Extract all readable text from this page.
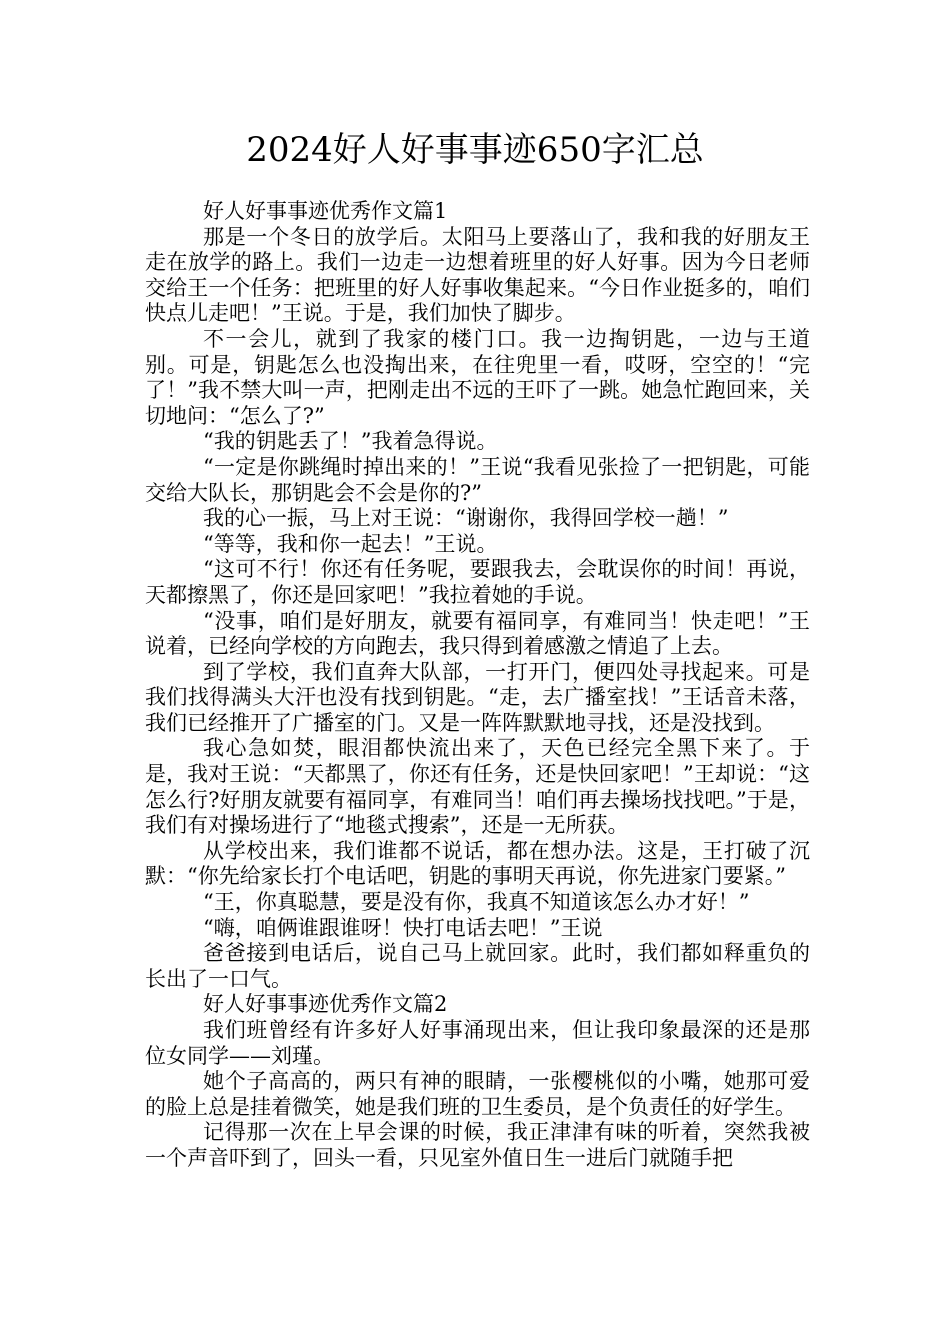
2024好人好事事迹650字汇总

好人好事事迹优秀作文篇1

那是一个冬日的放学后。太阳马上要落山了，我和我的好朋友王走在放学的路上。我们一边走一边想着班里的好人好事。因为今日老师交给王一个任务：把班里的好人好事收集起来。“今日作业挺多的，咱们快点儿走吧！”王说。于是，我们加快了脚步。

不一会儿，就到了我家的楼门口。我一边掏钥匙，一边与王道别。可是，钥匙怎么也没掏出来，在往兜里一看，哎呀，空空的！“完了！”我不禁大叫一声，把刚走出不远的王吓了一跳。她急忙跑回来，关切地问：“怎么了?”

“我的钥匙丢了！”我着急得说。

“一定是你跳绳时掉出来的！”王说“我看见张捡了一把钥匙，可能交给大队长，那钥匙会不会是你的?”

我的心一振，马上对王说：“谢谢你，我得回学校一趟！”

“等等，我和你一起去！”王说。

“这可不行！你还有任务呢，要跟我去，会耽误你的时间！再说，天都擦黑了，你还是回家吧！”我拉着她的手说。

“没事，咱们是好朋友，就要有福同享，有难同当！快走吧！”王说着，已经向学校的方向跑去，我只得到着感激之情追了上去。

到了学校，我们直奔大队部，一打开门，便四处寻找起来。可是我们找得满头大汗也没有找到钥匙。“走，去广播室找！”王话音未落，我们已经推开了广播室的门。又是一阵阵默默地寻找，还是没找到。

我心急如焚，眼泪都快流出来了，天色已经完全黑下来了。于是，我对王说：“天都黑了，你还有任务，还是快回家吧！”王却说：“这怎么行?好朋友就要有福同享，有难同当！咱们再去操场找找吧。”于是，我们有对操场进行了“地毯式搜索”，还是一无所获。

从学校出来，我们谁都不说话，都在想办法。这是，王打破了沉默：“你先给家长打个电话吧，钥匙的事明天再说，你先进家门要紧。”

“王，你真聪慧，要是没有你，我真不知道该怎么办才好！”

“嗨，咱俩谁跟谁呀！快打电话去吧！”王说

爸爸接到电话后，说自己马上就回家。此时，我们都如释重负的长出了一口气。

好人好事事迹优秀作文篇2

我们班曾经有许多好人好事涌现出来，但让我印象最深的还是那位女同学——刘瑾。

她个子高高的，两只有神的眼睛，一张樱桃似的小嘴，她那可爱的脸上总是挂着微笑，她是我们班的卫生委员，是个负责任的好学生。

记得那一次在上早会课的时候，我正津津有味的听着，突然我被一个声音吓到了，回头一看，只见室外值日生一进后门就随手把
